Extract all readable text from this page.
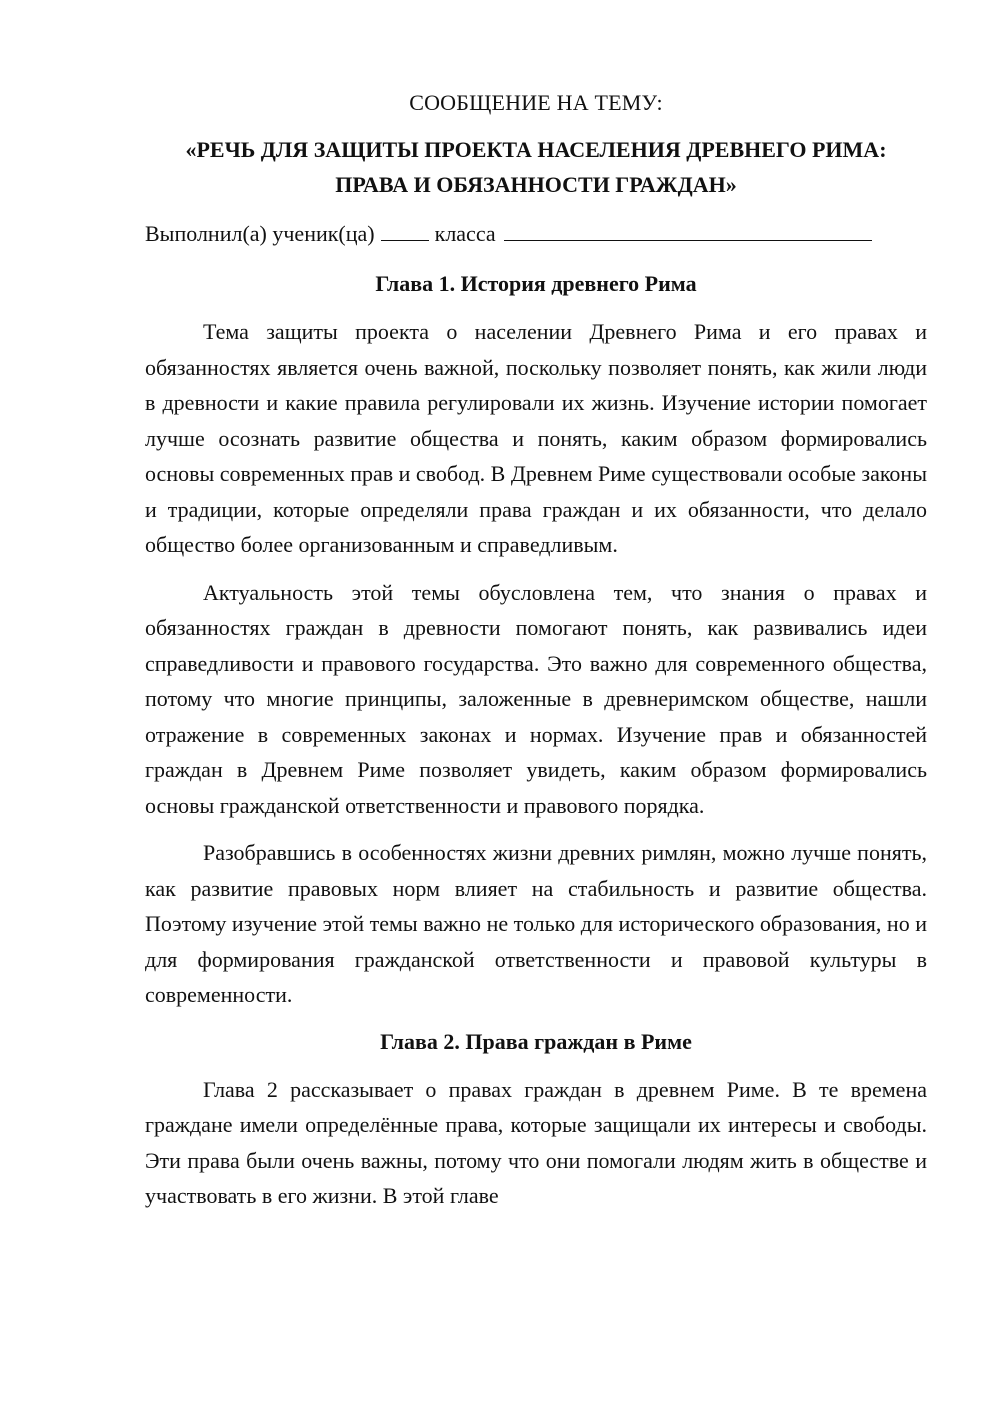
СООБЩЕНИЕ НА ТЕМУ:
«РЕЧЬ ДЛЯ ЗАЩИТЫ ПРОЕКТА НАСЕЛЕНИЯ ДРЕВНЕГО РИМА:
ПРАВА И ОБЯЗАННОСТИ ГРАЖДАН»
Выполнил(а) ученик(ца)	класса
Глава 1. История древнего Рима

Тема защиты проекта о населении Древнего Рима и его правах и обязанностях является очень важной, поскольку позволяет понять, как жили люди в древности и какие правила регулировали их жизнь. Изучение истории помогает лучше осознать развитие общества и понять, каким образом формировались основы современных прав и свобод. В Древнем Риме существовали особые законы и традиции, которые определяли права граждан и их обязанности, что делало общество более организованным и справедливым.

Актуальность этой темы обусловлена тем, что знания о правах и обязанностях граждан в древности помогают понять, как развивались идеи справедливости и правового государства. Это важно для современного общества, потому что многие принципы, заложенные в древнеримском обществе, нашли отражение в современных законах и нормах. Изучение прав и обязанностей граждан в Древнем Риме позволяет увидеть, каким образом формировались основы гражданской ответственности и правового порядка.

Разобравшись в особенностях жизни древних римлян, можно лучше понять, как развитие правовых норм влияет на стабильность и развитие общества. Поэтому изучение этой темы важно не только для исторического образования, но и для формирования гражданской ответственности и правовой культуры в современности.

Глава 2. Права граждан в Риме

Глава 2 рассказывает о правах граждан в древнем Риме. В те времена граждане имели определённые права, которые защищали их интересы и свободы. Эти права были очень важны, потому что они помогали людям жить в обществе и участвовать в его жизни. В этой главе
